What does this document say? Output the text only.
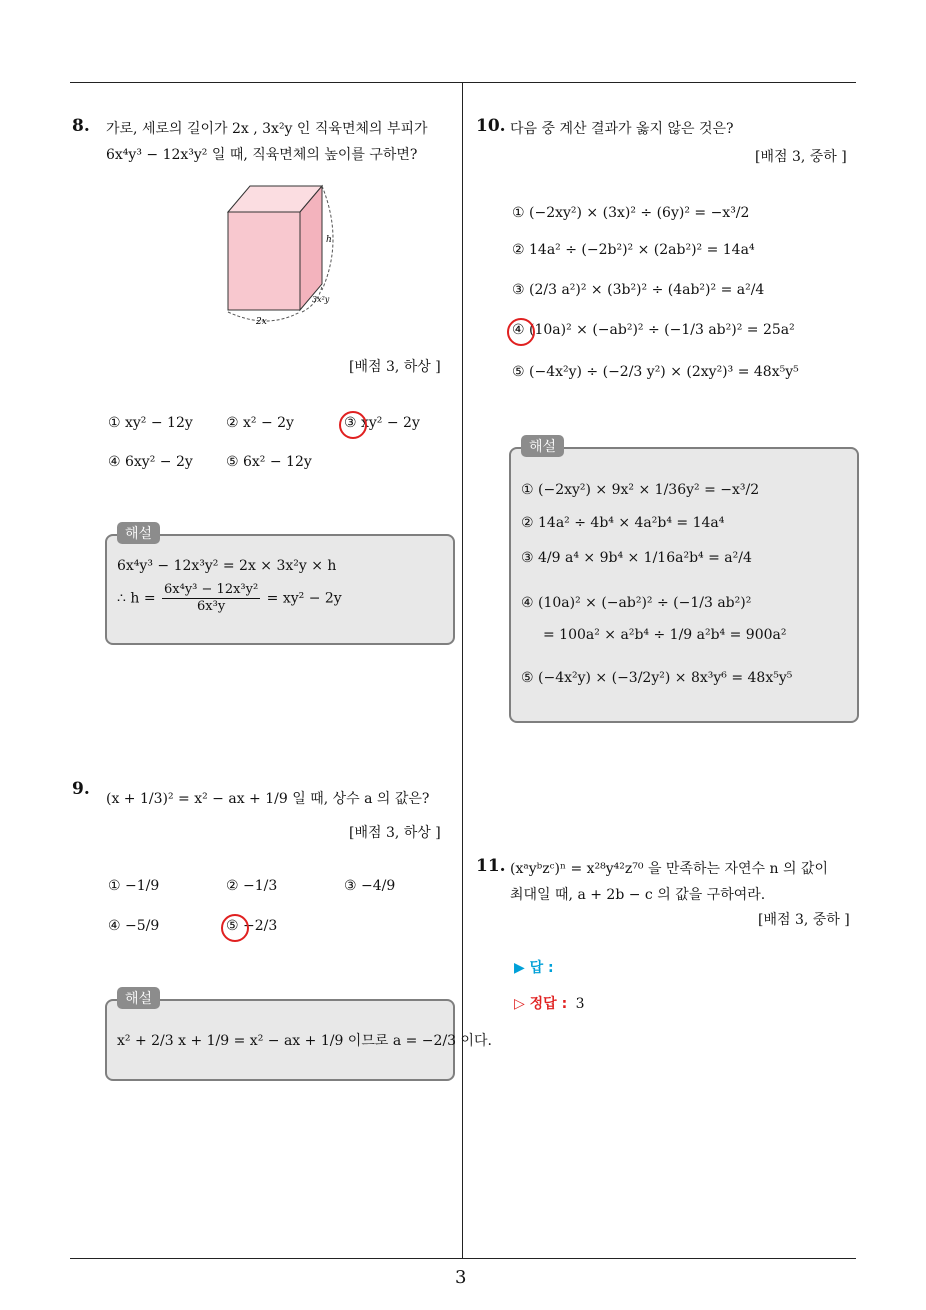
8. 가로, 세로의 길이가 2x , 3x²y 인 직육면체의 부피가
6x⁴y³ − 12x³y² 일 때, 직육면체의 높이를 구하면?
h
2x
3x²y
[배점 3, 하상 ]
① xy² − 12y ② x² − 2y	③ xy² − 2y
④ 6xy² − 2y ⑤ 6x² − 12y
해설
6x⁴y³ − 12x³y² = 2x × 3x²y × h
∴ $h = \frac{\text{6x⁴y³ − 12x³y²}}{\text{6x³y}} = xy^2 - 2y$
9. (x + 1/3)² = x² − ax + 1/9 일 때, 상수 a 의 값은?
[배점 3, 하상 ]
① −1/9	② −1/3	③ −4/9
④ −5/9	⑤ −2/3
해설
x² + 2/3 x + 1/9 = x² − ax + 1/9 이므로 a = −2/3 이다.
10. 다음 중 계산 결과가 옳지 않은 것은?
[배점 3, 중하 ]
① (−2xy²) × (3x)² ÷ (6y)² = −x³/2
② 14a² ÷ (−2b²)² × (2ab²)² = 14a⁴
③ (2/3 a²)² × (3b²)² ÷ (4ab²)² = a²/4
④ (10a)² × (−ab²)² ÷ (−1/3 ab²)² = 25a²
⑤ (−4x²y) ÷ (−2/3 y²) × (2xy²)³ = 48x⁵y⁵
해설
① (−2xy²) × 9x² × 1/36y² = −x³/2
② 14a² ÷ 4b⁴ × 4a²b⁴ = 14a⁴
③ 4/9 a⁴ × 9b⁴ × 1/16a²b⁴ = a²/4
④ (10a)² × (−ab²)² ÷ (−1/3 ab²)²
= 100a² × a²b⁴ ÷ 1/9 a²b⁴ = 900a²
⑤ (−4x²y) × (−3/2y²) × 8x³y⁶ = 48x⁵y⁵
11. (xᵃyᵇzᶜ)ⁿ = x²⁸y⁴²z⁷⁰ 을 만족하는 자연수 n 의 값이
최대일 때, a + 2b − c 의 값을 구하여라.
[배점 3, 중하 ]
▶ 답 :
▷ 정답 : 3
3
